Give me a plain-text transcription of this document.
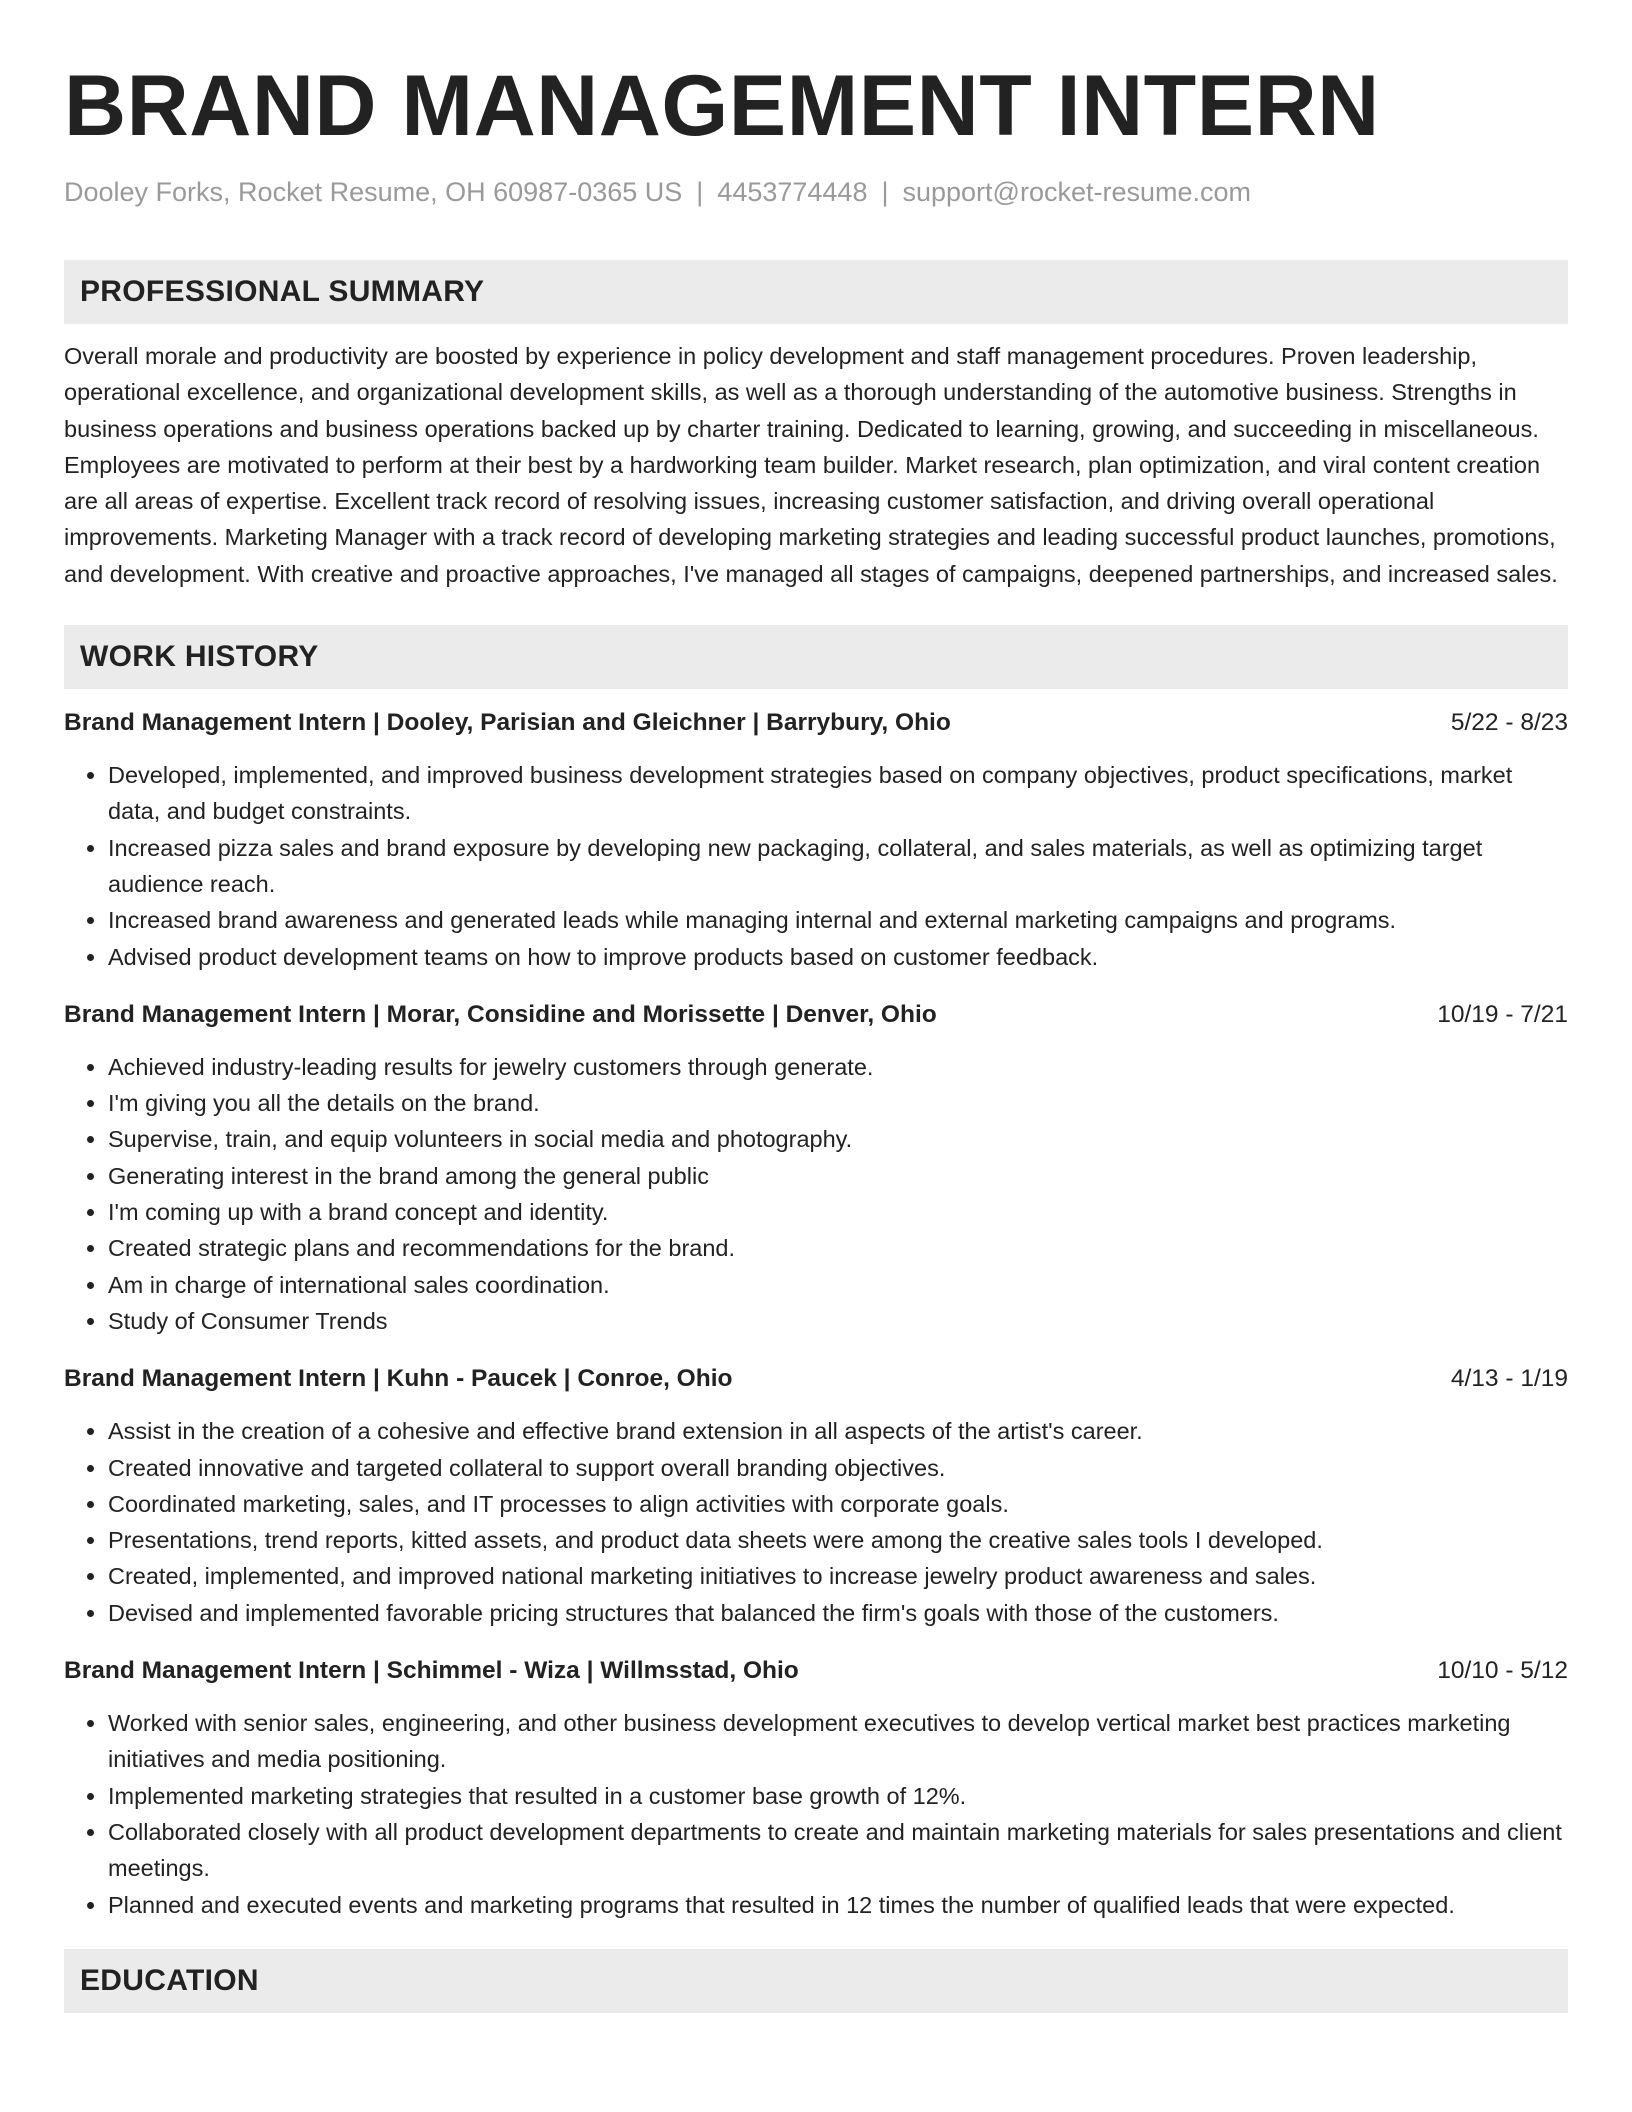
BRAND MANAGEMENT INTERN
Dooley Forks, Rocket Resume, OH 60987-0365 US | 4453774448 | support@rocket-resume.com
PROFESSIONAL SUMMARY
Overall morale and productivity are boosted by experience in policy development and staff management procedures. Proven leadership, operational excellence, and organizational development skills, as well as a thorough understanding of the automotive business. Strengths in business operations and business operations backed up by charter training. Dedicated to learning, growing, and succeeding in miscellaneous. Employees are motivated to perform at their best by a hardworking team builder. Market research, plan optimization, and viral content creation are all areas of expertise. Excellent track record of resolving issues, increasing customer satisfaction, and driving overall operational improvements. Marketing Manager with a track record of developing marketing strategies and leading successful product launches, promotions, and development. With creative and proactive approaches, I've managed all stages of campaigns, deepened partnerships, and increased sales.
WORK HISTORY
Brand Management Intern | Dooley, Parisian and Gleichner | Barrybury, Ohio	5/22 - 8/23
• Developed, implemented, and improved business development strategies based on company objectives, product specifications, market data, and budget constraints.
• Increased pizza sales and brand exposure by developing new packaging, collateral, and sales materials, as well as optimizing target audience reach.
• Increased brand awareness and generated leads while managing internal and external marketing campaigns and programs.
• Advised product development teams on how to improve products based on customer feedback.
Brand Management Intern | Morar, Considine and Morissette | Denver, Ohio	10/19 - 7/21
• Achieved industry-leading results for jewelry customers through generate.
• I'm giving you all the details on the brand.
• Supervise, train, and equip volunteers in social media and photography.
• Generating interest in the brand among the general public
• I'm coming up with a brand concept and identity.
• Created strategic plans and recommendations for the brand.
• Am in charge of international sales coordination.
• Study of Consumer Trends
Brand Management Intern | Kuhn - Paucek | Conroe, Ohio	4/13 - 1/19
• Assist in the creation of a cohesive and effective brand extension in all aspects of the artist's career.
• Created innovative and targeted collateral to support overall branding objectives.
• Coordinated marketing, sales, and IT processes to align activities with corporate goals.
• Presentations, trend reports, kitted assets, and product data sheets were among the creative sales tools I developed.
• Created, implemented, and improved national marketing initiatives to increase jewelry product awareness and sales.
• Devised and implemented favorable pricing structures that balanced the firm's goals with those of the customers.
Brand Management Intern | Schimmel - Wiza | Willmsstad, Ohio	10/10 - 5/12
• Worked with senior sales, engineering, and other business development executives to develop vertical market best practices marketing initiatives and media positioning.
• Implemented marketing strategies that resulted in a customer base growth of 12%.
• Collaborated closely with all product development departments to create and maintain marketing materials for sales presentations and client meetings.
• Planned and executed events and marketing programs that resulted in 12 times the number of qualified leads that were expected.
EDUCATION
